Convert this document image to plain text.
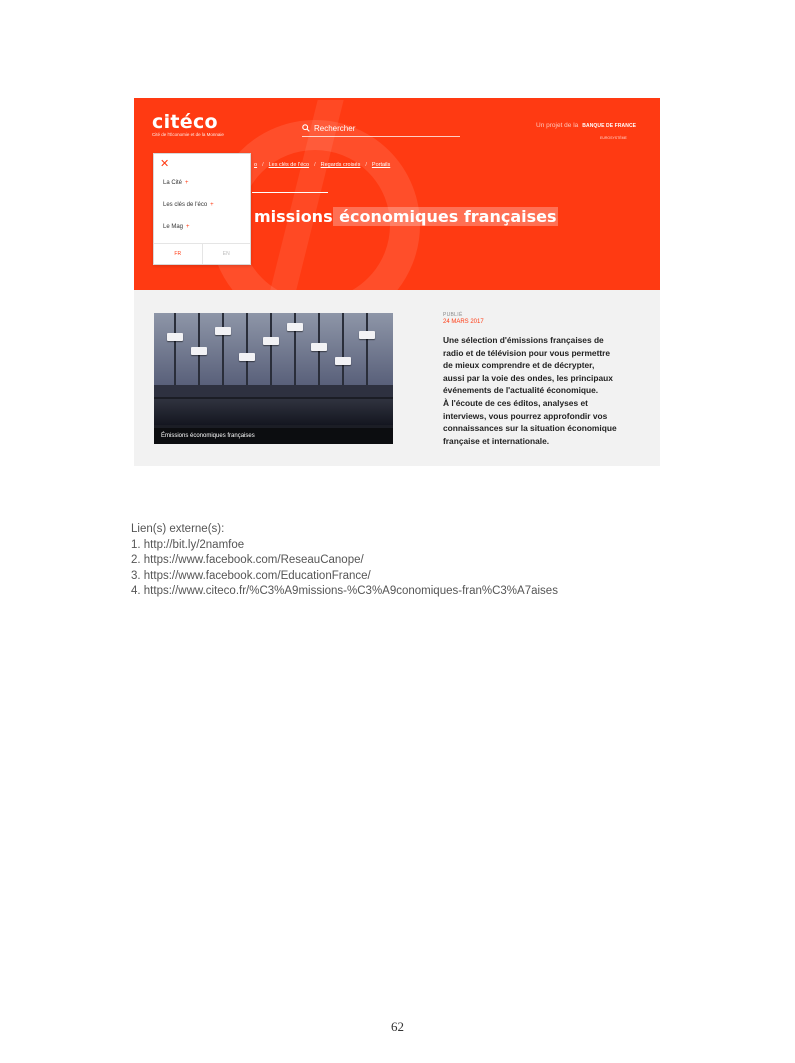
citéco
Cité de l'Économie et de la Monnaie
Rechercher	Un projet de la BANQUE DE FRANCE
EUROSYSTÈME
o / Les clés de l'éco / Regards croisés / Portails
missions économiques françaises
✕
La Cité +
Les clés de l'éco +
Le Mag +
FR	EN
Émissions économiques françaises
PUBLIÉ
24 MARS 2017
Une sélection d'émissions françaises de
radio et de télévision pour vous permettre
de mieux comprendre et de décrypter,
aussi par la voie des ondes, les principaux
événements de l'actualité économique.
À l'écoute de ces éditos, analyses et
interviews, vous pourrez approfondir vos
connaissances sur la situation économique
française et internationale.
Lien(s) externe(s):
1. http://bit.ly/2namfoe
2. https://www.facebook.com/ReseauCanope/
3. https://www.facebook.com/EducationFrance/
4. https://www.citeco.fr/%C3%A9missions-%C3%A9conomiques-fran%C3%A7aises
62
